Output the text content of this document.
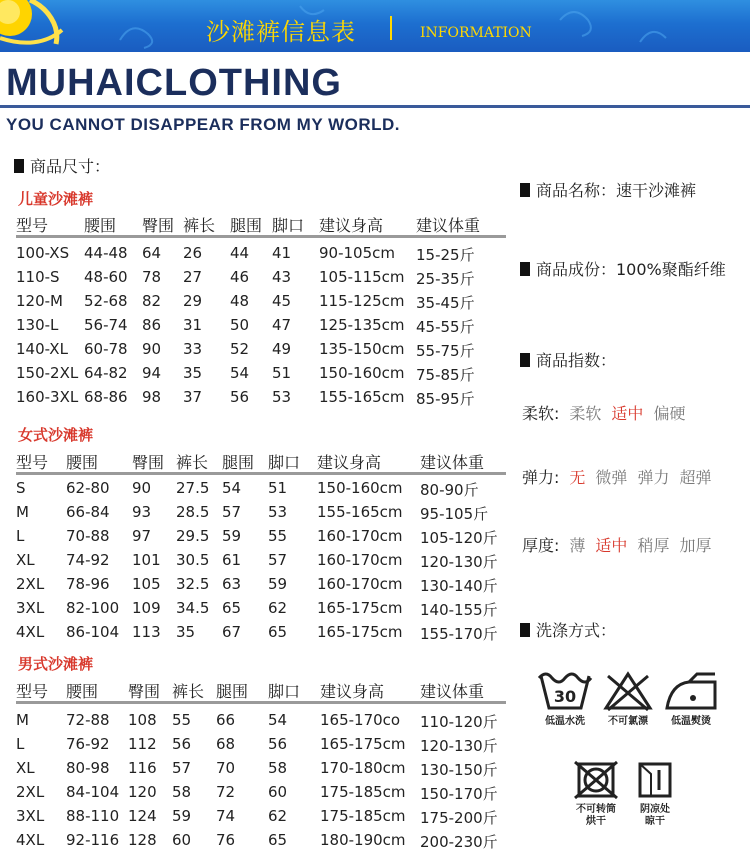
沙滩裤信息表	INFORMATION
MUHAICLOTHING
YOU CANNOT DISAPPEAR FROM MY WORLD.
商品尺寸：
儿童沙滩裤
型号 腰围 臀围 裤长 腿围 脚口 建议身高 建议体重
100-XS 44-48 64 26 44 41 90-105cm 15-25斤
110-S 48-60 78 27 46 43 105-115cm 25-35斤
120-M 52-68 82 29 48 45 115-125cm 35-45斤
130-L 56-74 86 31 50 47 125-135cm 45-55斤
140-XL 60-78 90 33 52 49 135-150cm 55-75斤
150-2XL 64-82 94 35 54 51 150-160cm 75-85斤
160-3XL 68-86 98 37 56 53 155-165cm 85-95斤
女式沙滩裤
型号 腰围 臀围 裤长 腿围 脚口 建议身高 建议体重
S	62-80 90 27.5 54 51 150-160cm 80-90斤
M 66-84 93 28.5 57 53 155-165cm 95-105斤
L	70-88 97 29.5 59 55 160-170cm 105-120斤
XL 74-92 101 30.5 61 57 160-170cm 120-130斤
2XL 78-96 105 32.5 63 59 160-170cm 130-140斤
3XL 82-100 109 34.5 65 62 165-175cm 140-155斤
4XL 86-104 113 35 67 65 165-175cm 155-170斤
男式沙滩裤
型号 腰围 臀围 裤长 腿围 脚口 建议身高 建议体重
M 72-88 108 55 66 54 165-170co 110-120斤
L	76-92 112 56 68 56 165-175cm 120-130斤
XL 80-98 116 57 70 58 170-180cm 130-150斤
2XL 84-104 120 58 72 60 175-185cm 150-170斤
3XL 88-110 124 59 74 62 175-185cm 175-200斤
4XL 92-116 128 60 76 65 180-190cm 200-230斤
商品名称：速干沙滩裤
商品成份：100%聚酯纤维
商品指数：
柔软: 柔软 适中 偏硬
弹力: 无 微弹 弹力 超弹
厚度: 薄 适中 稍厚 加厚
洗涤方式：
30
低温水洗	不可氯漂	低温熨烫
不可转筒
烘干
阴凉处
晾干
